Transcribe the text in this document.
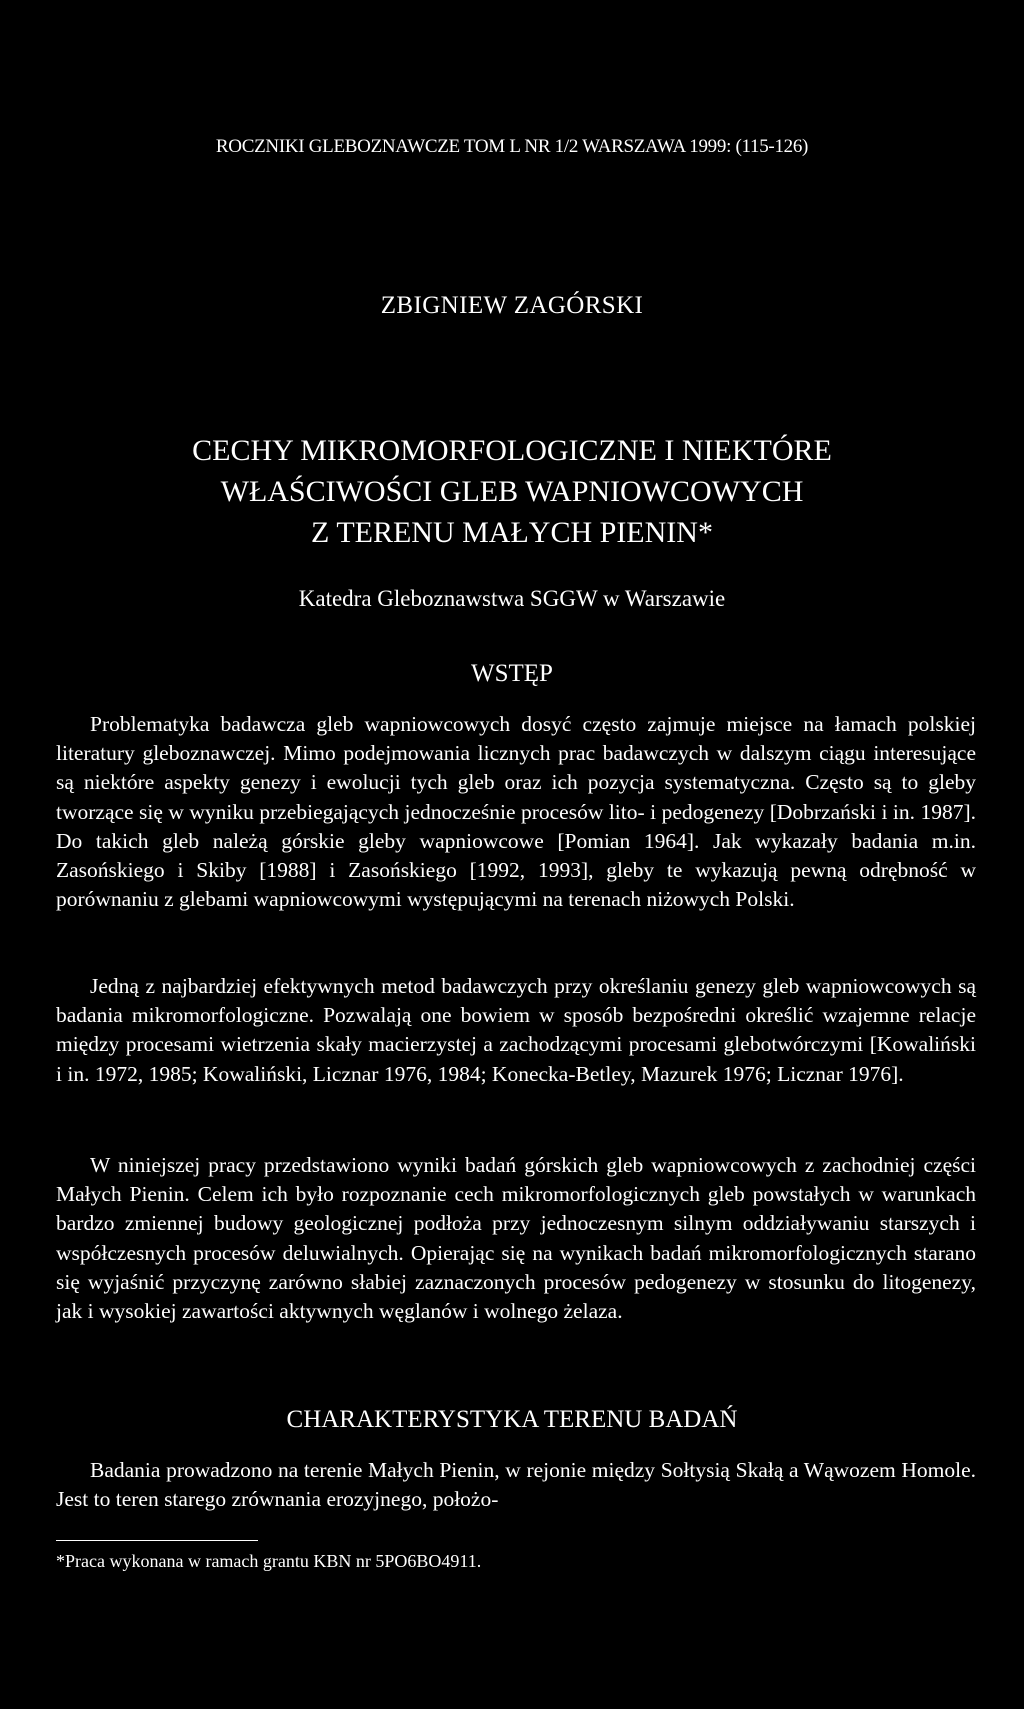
ROCZNIKI GLEBOZNAWCZE TOM L NR 1/2 WARSZAWA 1999: (115-126)
ZBIGNIEW ZAGÓRSKI
CECHY MIKROMORFOLOGICZNE I NIEKTÓRE
WŁAŚCIWOŚCI GLEB WAPNIOWCOWYCH
Z TERENU MAŁYCH PIENIN*
Katedra Gleboznawstwa SGGW w Warszawie
WSTĘP
Problematyka badawcza gleb wapniowcowych dosyć często zajmuje miejsce na łamach polskiej literatury gleboznawczej. Mimo podejmowania licznych prac badawczych w dalszym ciągu interesujące są niektóre aspekty genezy i ewolucji tych gleb oraz ich pozycja systematyczna. Często są to gleby tworzące się w wyniku przebiegających jednocześnie procesów lito- i pedogenezy [Dobrzański i in. 1987]. Do takich gleb należą górskie gleby wapniowcowe [Pomian 1964]. Jak wykazały badania m.in. Zasońskiego i Skiby [1988] i Zasońskiego [1992, 1993], gleby te wykazują pewną odrębność w porównaniu z glebami wapniowcowymi występującymi na terenach niżowych Polski.
Jedną z najbardziej efektywnych metod badawczych przy określaniu genezy gleb wapniowcowych są badania mikromorfologiczne. Pozwalają one bowiem w sposób bezpośredni określić wzajemne relacje między procesami wietrzenia skały macierzystej a zachodzącymi procesami glebotwórczymi [Kowaliński i in. 1972, 1985; Kowaliński, Licznar 1976, 1984; Konecka-Betley, Mazurek 1976; Licznar 1976].
W niniejszej pracy przedstawiono wyniki badań górskich gleb wapniowcowych z zachodniej części Małych Pienin. Celem ich było rozpoznanie cech mikromorfologicznych gleb powstałych w warunkach bardzo zmiennej budowy geologicznej podłoża przy jednoczesnym silnym oddziaływaniu starszych i współczesnych procesów deluwialnych. Opierając się na wynikach badań mikromorfologicznych starano się wyjaśnić przyczynę zarówno słabiej zaznaczonych procesów pedogenezy w stosunku do litogenezy, jak i wysokiej zawartości aktywnych węglanów i wolnego żelaza.
CHARAKTERYSTYKA TERENU BADAŃ
Badania prowadzono na terenie Małych Pienin, w rejonie między Sołtysią Skałą a Wąwozem Homole. Jest to teren starego zrównania erozyjnego, położo-
*Praca wykonana w ramach grantu KBN nr 5PO6BO4911.
